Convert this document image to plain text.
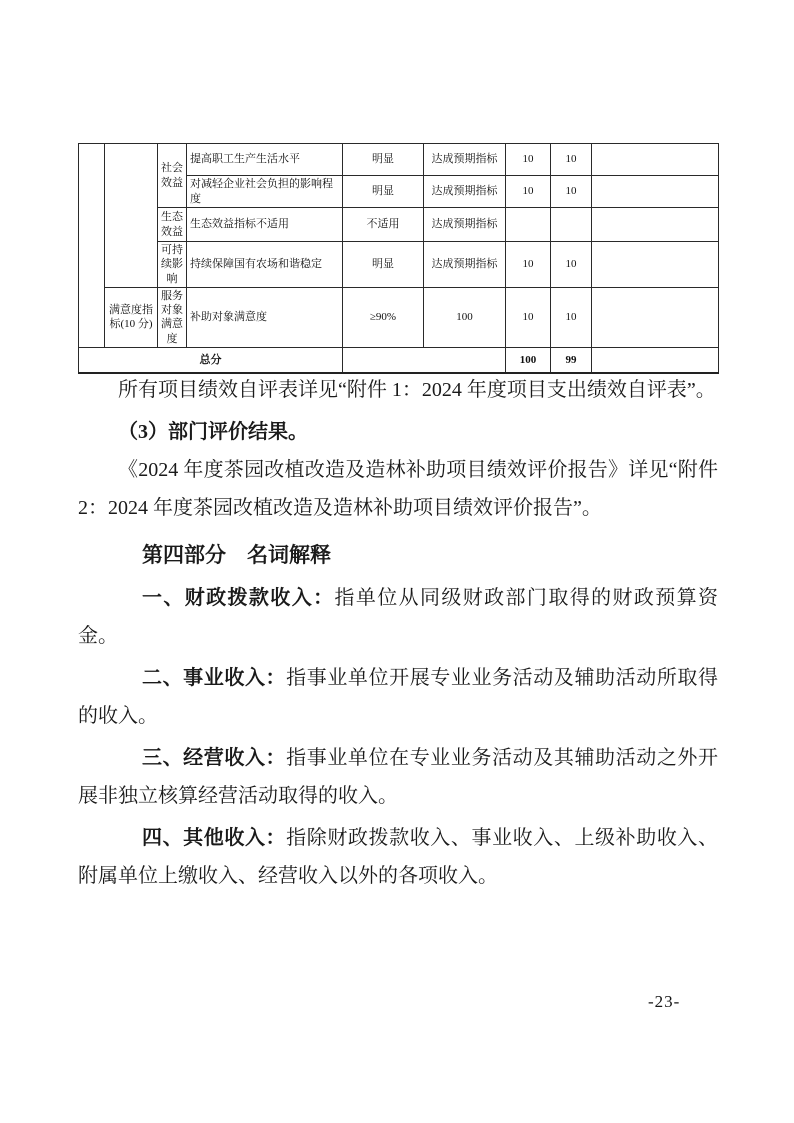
		社会效益	提高职工生产生活水平	明显	达成预期指标	10	10	
			对减轻企业社会负担的影响程度	明显	达成预期指标	10	10	
		生态效益	生态效益指标不适用	不适用	达成预期指标			
		可持续影响	持续保障国有农场和谐稳定	明显	达成预期指标	10	10	
	满意度指标(10 分)	服务对象满意度	补助对象满意度	≥90%	100	10	10	
总分						100	99	

所有项目绩效自评表详见“附件 1：2024 年度项目支出绩效自评表”。

（3）部门评价结果。

《2024 年度茶园改植改造及造林补助项目绩效评价报告》详见“附件 2：2024 年度茶园改植改造及造林补助项目绩效评价报告”。

第四部分　名词解释

一、财政拨款收入：指单位从同级财政部门取得的财政预算资金。

二、事业收入：指事业单位开展专业业务活动及辅助活动所取得的收入。

三、经营收入：指事业单位在专业业务活动及其辅助活动之外开展非独立核算经营活动取得的收入。

四、其他收入：指除财政拨款收入、事业收入、上级补助收入、附属单位上缴收入、经营收入以外的各项收入。

-23-
